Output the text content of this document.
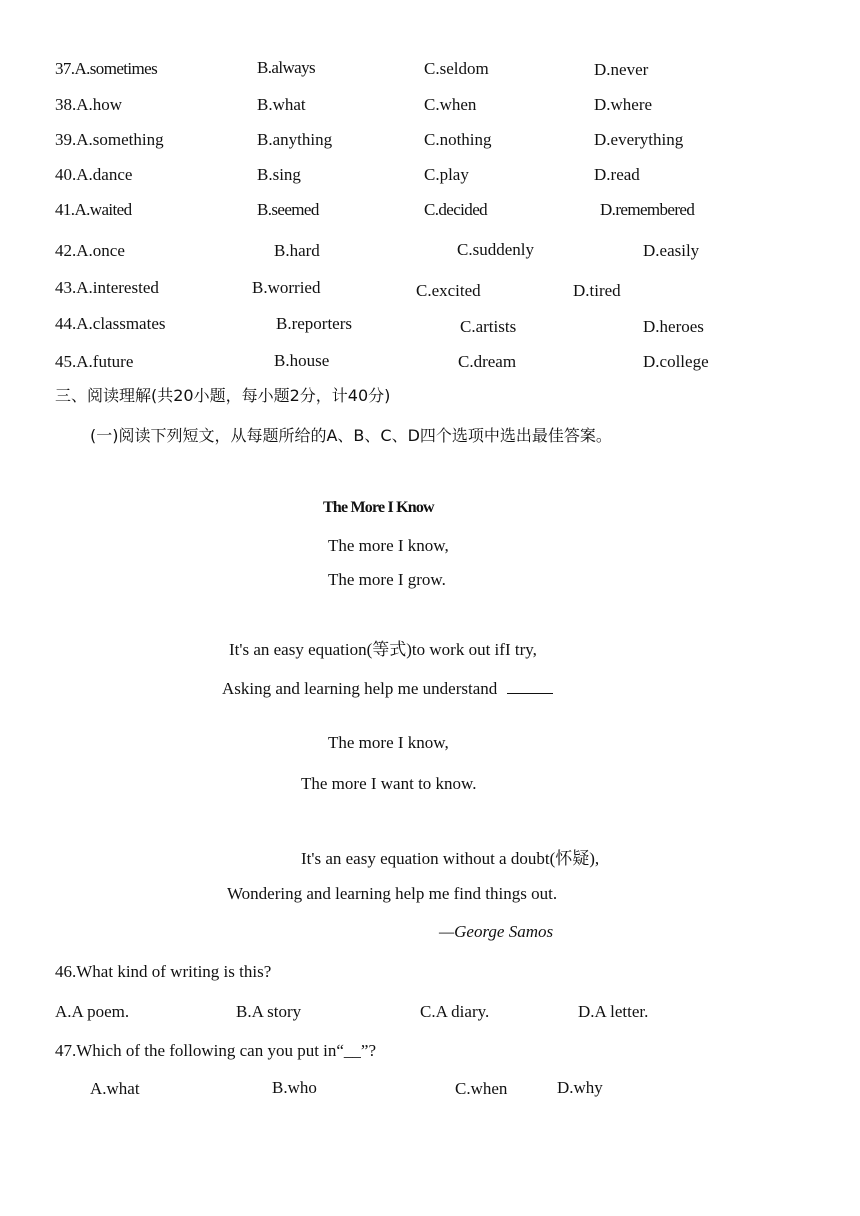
37.A.sometimes	B.always	C.seldom	D.never
38.A.how	B.what	C.when	D.where
39.A.something	B.anything	C.nothing	D.everything
40.A.dance	B.sing	C.play	D.read
41.A.waited	B.seemed	C.decided	D.remembered
42.A.once	B.hard	C.suddenly	D.easily
43.A.interested	B.worried	C.excited	D.tired
44.A.classmates	B.reporters	C.artists	D.heroes
45.A.future	B.house	C.dream	D.college
三、阅读理解(共20小题，每小题2分，计40分)
(一)阅读下列短文，从每题所给的A、B、C、D四个选项中选出最佳答案。
The More I Know
The more I know,
The more I grow.
It's an easy equation(等式)to work out ifI try,
Asking and learning help me understand
The more I know,
The more I want to know.
It's an easy equation without a doubt(怀疑),
Wondering and learning help me find things out.
—George Samos
46.What kind of writing is this?
A.A poem.	B.A story	C.A diary.	D.A letter.
47.Which of the following can you put in“__”?
A.what	B.who	C.when	D.why
